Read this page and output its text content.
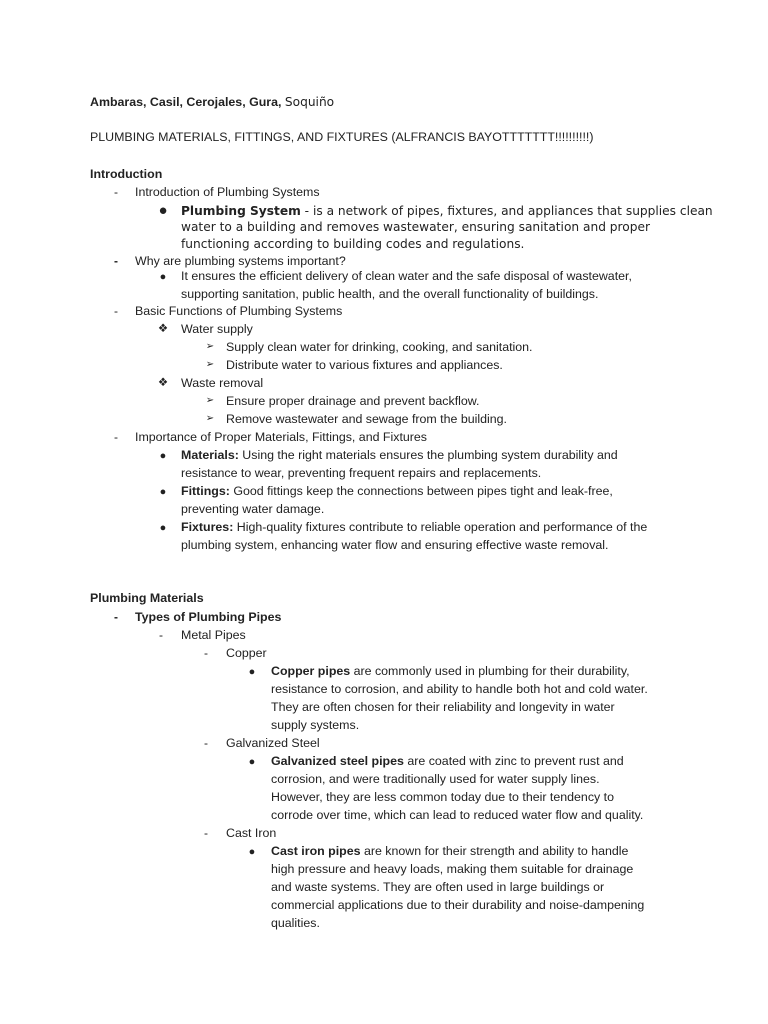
Ambaras, Casil, Cerojales, Gura, Soquiño
PLUMBING MATERIALS, FITTINGS, AND FIXTURES (ALFRANCIS BAYOTTTTTTT!!!!!!!!!!)
Introduction
-	Introduction of Plumbing Systems
● Plumbing System - is a network of pipes, fixtures, and appliances that supplies clean
water to a building and removes wastewater, ensuring sanitation and proper
functioning according to building codes and regulations.
-	Why are plumbing systems important?
● It ensures the efficient delivery of clean water and the safe disposal of wastewater,
supporting sanitation, public health, and the overall functionality of buildings.
-	Basic Functions of Plumbing Systems
❖ Water supply
➢ Supply clean water for drinking, cooking, and sanitation.
➢ Distribute water to various fixtures and appliances.
❖ Waste removal
➢ Ensure proper drainage and prevent backflow.
➢ Remove wastewater and sewage from the building.
-	Importance of Proper Materials, Fittings, and Fixtures
● Materials: Using the right materials ensures the plumbing system durability and
resistance to wear, preventing frequent repairs and replacements.
● Fittings: Good fittings keep the connections between pipes tight and leak-free,
preventing water damage.
● Fixtures: High-quality fixtures contribute to reliable operation and performance of the
plumbing system, enhancing water flow and ensuring effective waste removal.
Plumbing Materials
-	Types of Plumbing Pipes
-	Metal Pipes
-	Copper
● Copper pipes are commonly used in plumbing for their durability,
resistance to corrosion, and ability to handle both hot and cold water.
They are often chosen for their reliability and longevity in water
supply systems.
-	Galvanized Steel
● Galvanized steel pipes are coated with zinc to prevent rust and
corrosion, and were traditionally used for water supply lines.
However, they are less common today due to their tendency to
corrode over time, which can lead to reduced water flow and quality.
-	Cast Iron
● Cast iron pipes are known for their strength and ability to handle
high pressure and heavy loads, making them suitable for drainage
and waste systems. They are often used in large buildings or
commercial applications due to their durability and noise-dampening
qualities.
